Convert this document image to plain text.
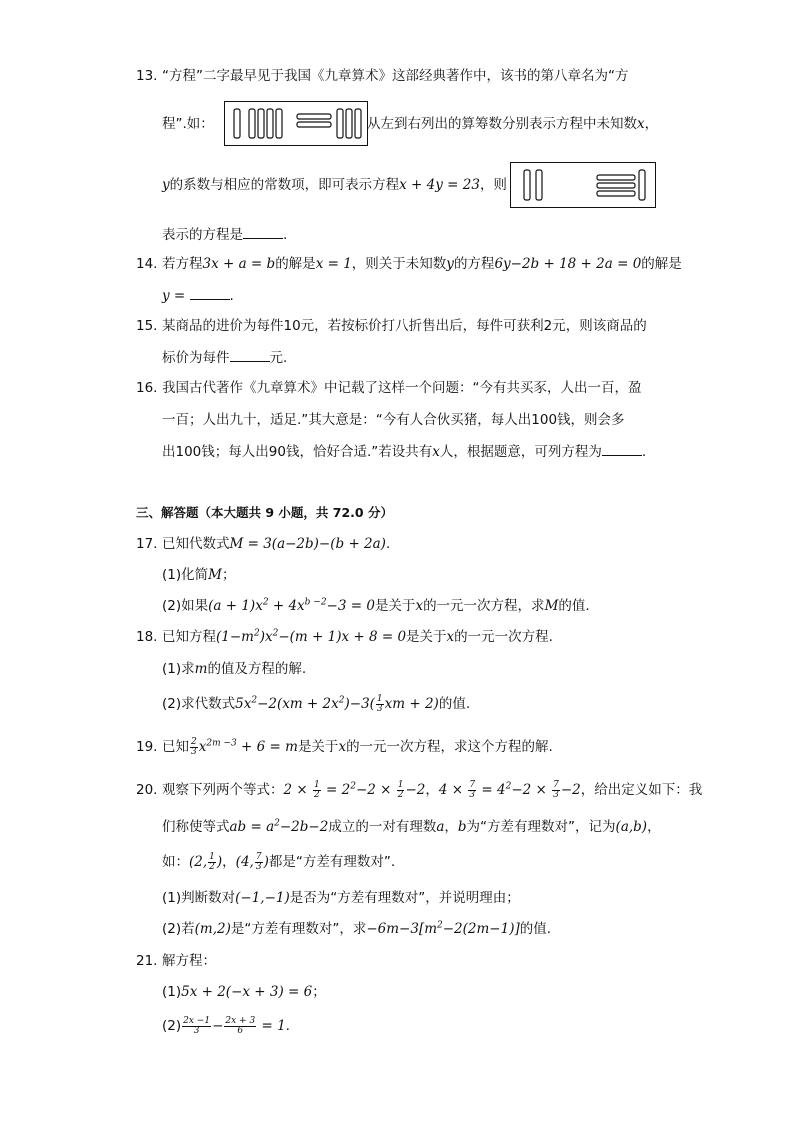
13. “方程”二字最早见于我国《九章算术》这部经典著作中，该书的第八章名为“方
程”.如：	从左到右列出的算筹数分别表示方程中未知数x，
y的系数与相应的常数项，即可表示方程x + 4y = 23，则
表示的方程是	.
14. 若方程3x + a = b的解是x = 1，则关于未知数y的方程6y−2b + 18 + 2a = 0的解是
y =	.
15. 某商品的进价为每件10元，若按标价打八折售出后，每件可获利2元，则该商品的
标价为每件	元.
16. 我国古代著作《九章算术》中记载了这样一个问题：“今有共买豕，人出一百，盈
一百；人出九十，适足.”其大意是：“今有人合伙买猪，每人出100钱，则会多
出100钱；每人出90钱，恰好合适.”若设共有x人，根据题意，可列方程为	.
三、解答题（本大题共 9 小题，共 72.0 分）
17. 已知代数式M = 3(a−2b)−(b + 2a).
(1)化简M；
(2)如果$(a + 1)x^2 + 4x^{b -2}-3 = 0$是关于x的一元一次方程，求M的值.
18. 已知方程$(1-m^2)x^2-(m + 1)x + 8 = 0$是关于x的一元一次方程.
(1)求m的值及方程的解.
(2)求代数式$5x^2-2(xm + 2x^2)-3( \frac{1}{3}$ xm + 2)的值.
19. 已知 $\frac{2}{3} x^{2m -3} + 6 = m$是关于x的一元一次方程，求这个方程的解.
20. 观察下列两个等式：$2 \times \frac{1}{2} = 2^2-2 \times \frac{1}{2} -2$，$4 \times \frac{7}{3} = 4^2-2 \times \frac{7}{3} -2$，给出定义如下：我
们称使等式ab = $a^2-2b-2$成立的一对有理数a，b为“方差有理数对”，记为(a,b)，
如：(2, $\frac{1}{2}$ )，(4, $\frac{7}{3}$ )都是“方差有理数对”.
(1)判断数对(−1,−1)是否为“方差有理数对”，并说明理由；
(2)若(m,2)是“方差有理数对”，求$-6m-3[m^2-2(2m-1)]$的值.
21. 解方程：
(1)5x + 2(−x + 3) = 6；
$(2) \frac{2x -1}{3} - \frac{2x + 3}{6} = 1$.
